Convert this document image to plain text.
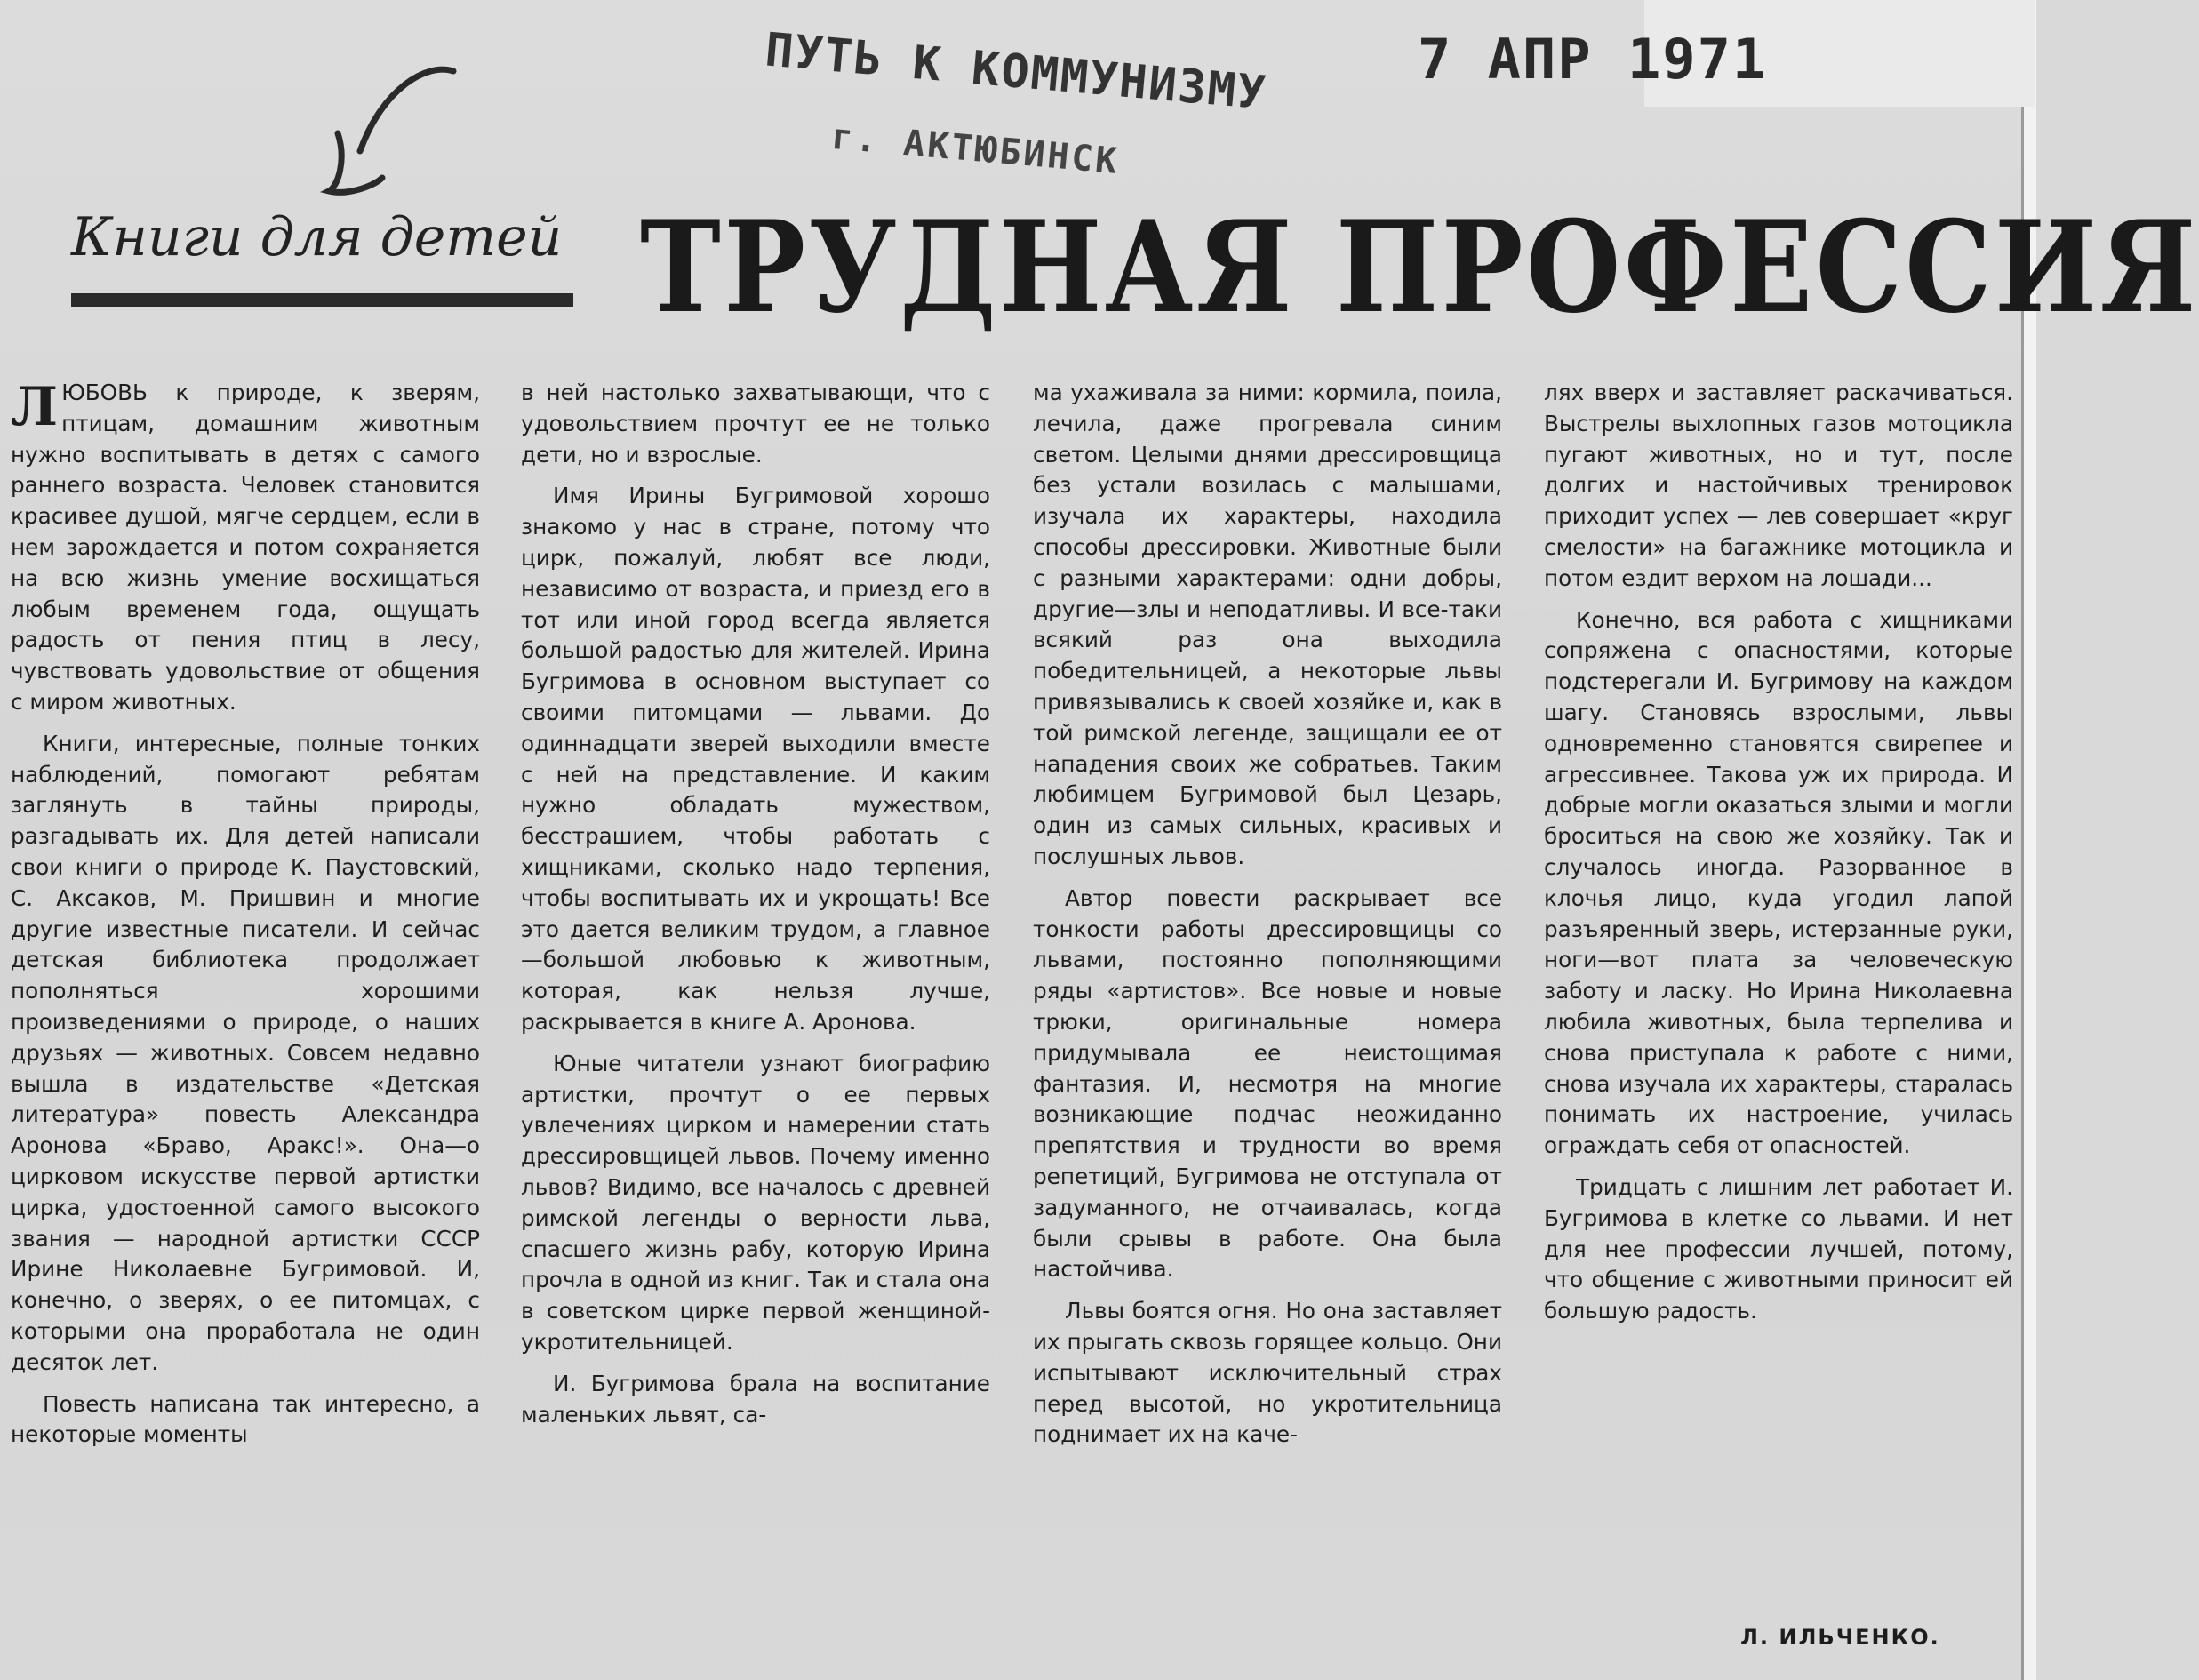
ПУТЬ К КОММУНИЗМУ
г. АКТЮБИНСК
7 АПР 1971
Книги для детей ТРУДНАЯ ПРОФЕССИЯ

ЛЮБОВЬ к природе, к зверям, птицам, домашним животным нужно воспитывать в детях с самого раннего возраста. Человек становится красивее душой, мягче сердцем, если в нем зарождается и потом сохраняется на всю жизнь умение восхищаться любым временем года, ощущать радость от пения птиц в лесу, чувствовать удовольствие от общения с миром животных.

Книги, интересные, полные тонких наблюдений, помогают ребятам заглянуть в тайны природы, разгадывать их. Для детей написали свои книги о природе К. Паустовский, С. Аксаков, М. Пришвин и многие другие известные писатели. И сейчас детская библиотека продолжает пополняться хорошими произведениями о природе, о наших друзьях — животных. Совсем недавно вышла в издательстве «Детская литература» повесть Александра Аронова «Браво, Аракс!». Она—о цирковом искусстве первой артистки цирка, удостоенной самого высокого звания — народной артистки СССР Ирине Николаевне Бугримовой. И, конечно, о зверях, о ее питомцах, с которыми она проработала не один десяток лет.

Повесть написана так интересно, а некоторые моменты

в ней настолько захватывающи, что с удовольствием прочтут ее не только дети, но и взрослые.

Имя Ирины Бугримовой хорошо знакомо у нас в стране, потому что цирк, пожалуй, любят все люди, независимо от возраста, и приезд его в тот или иной город всегда является большой радостью для жителей. Ирина Бугримова в основном выступает со своими питомцами — львами. До одиннадцати зверей выходили вместе с ней на представление. И каким нужно обладать мужеством, бесстрашием, чтобы работать с хищниками, сколько надо терпения, чтобы воспитывать их и укрощать! Все это дается великим трудом, а главное—большой любовью к животным, которая, как нельзя лучше, раскрывается в книге А. Аронова.

Юные читатели узнают биографию артистки, прочтут о ее первых увлечениях цирком и намерении стать дрессировщицей львов. Почему именно львов? Видимо, все началось с древней римской легенды о верности льва, спасшего жизнь рабу, которую Ирина прочла в одной из книг. Так и стала она в советском цирке первой женщиной-укротительницей.

И. Бугримова брала на воспитание маленьких львят, са-

ма ухаживала за ними: кормила, поила, лечила, даже прогревала синим светом. Целыми днями дрессировщица без устали возилась с малышами, изучала их характеры, находила способы дрессировки. Животные были с разными характерами: одни добры, другие—злы и неподатливы. И все-таки всякий раз она выходила победительницей, а некоторые львы привязывались к своей хозяйке и, как в той римской легенде, защищали ее от нападения своих же собратьев. Таким любимцем Бугримовой был Цезарь, один из самых сильных, красивых и послушных львов.

Автор повести раскрывает все тонкости работы дрессировщицы со львами, постоянно пополняющими ряды «артистов». Все новые и новые трюки, оригинальные номера придумывала ее неистощимая фантазия. И, несмотря на многие возникающие подчас неожиданно препятствия и трудности во время репетиций, Бугримова не отступала от задуманного, не отчаивалась, когда были срывы в работе. Она была настойчива.

Львы боятся огня. Но она заставляет их прыгать сквозь горящее кольцо. Они испытывают исключительный страх перед высотой, но укротительница поднимает их на каче-

лях вверх и заставляет раскачиваться. Выстрелы выхлопных газов мотоцикла пугают животных, но и тут, после долгих и настойчивых тренировок приходит успех — лев совершает «круг смелости» на багажнике мотоцикла и потом ездит верхом на лошади...

Конечно, вся работа с хищниками сопряжена с опасностями, которые подстерегали И. Бугримову на каждом шагу. Становясь взрослыми, львы одновременно становятся свирепее и агрессивнее. Такова уж их природа. И добрые могли оказаться злыми и могли броситься на свою же хозяйку. Так и случалось иногда. Разорванное в клочья лицо, куда угодил лапой разъяренный зверь, истерзанные руки, ноги—вот плата за человеческую заботу и ласку. Но Ирина Николаевна любила животных, была терпелива и снова приступала к работе с ними, снова изучала их характеры, старалась понимать их настроение, училась ограждать себя от опасностей.

Тридцать с лишним лет работает И. Бугримова в клетке со львами. И нет для нее профессии лучшей, потому, что общение с животными приносит ей большую радость.

Л. ИЛЬЧЕНКО.
